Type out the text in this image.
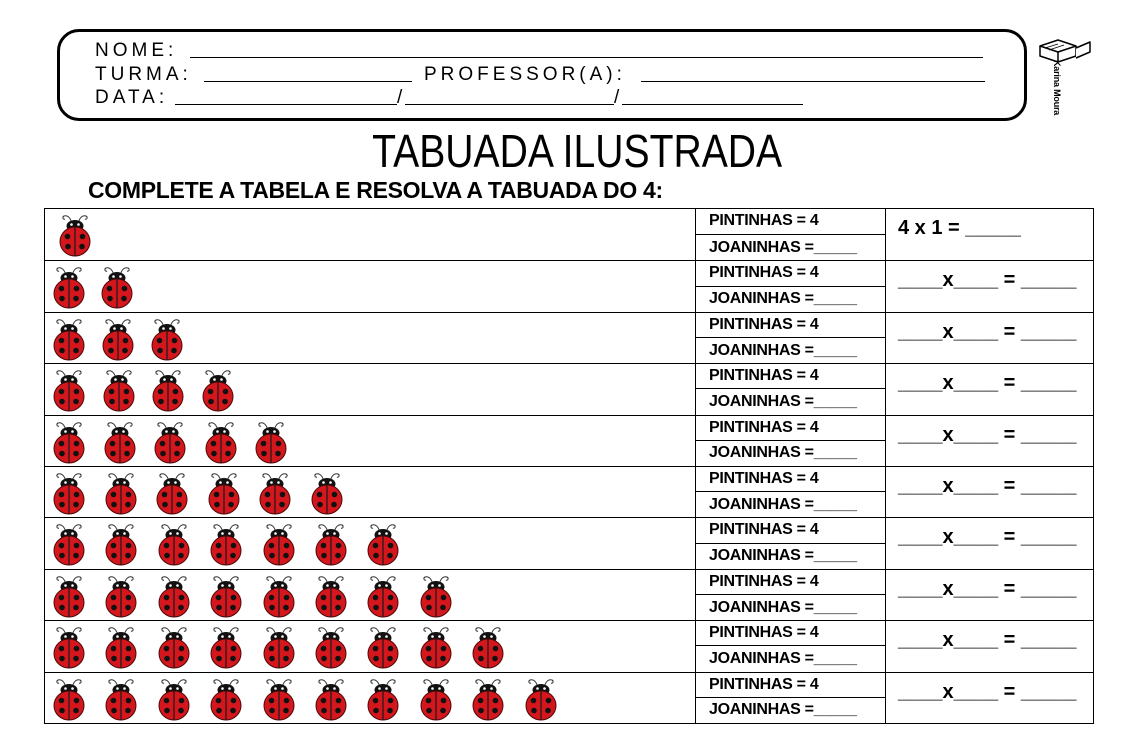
NOME:
TURMA:	PROFESSOR(A):
DATA:	/	/	Karina Moura
TABUADA ILUSTRADA
COMPLETE A TABELA E RESOLVA A TABUADA DO 4:
PINTINHAS = 4
JOANINHAS =_____
4 x 1 = _____
PINTINHAS = 4
JOANINHAS =_____
____x____ = _____
PINTINHAS = 4
JOANINHAS =_____
____x____ = _____
PINTINHAS = 4
JOANINHAS =_____
____x____ = _____
PINTINHAS = 4
JOANINHAS =_____
____x____ = _____
PINTINHAS = 4
JOANINHAS =_____
____x____ = _____
PINTINHAS = 4
JOANINHAS =_____
____x____ = _____
PINTINHAS = 4
JOANINHAS =_____
____x____ = _____
PINTINHAS = 4
JOANINHAS =_____
____x____ = _____
PINTINHAS = 4
JOANINHAS =_____
____x____ = _____
